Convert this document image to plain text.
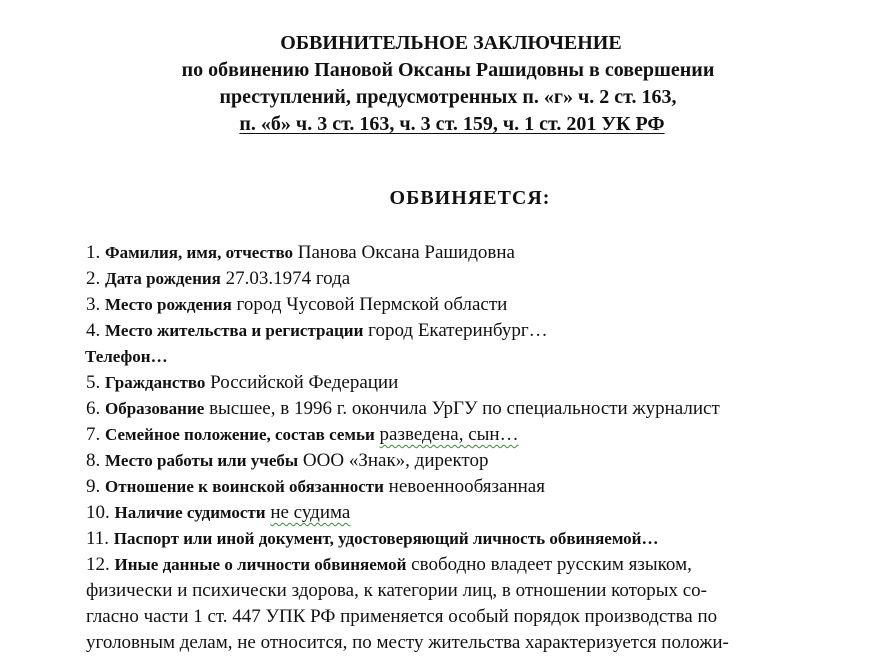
ОБВИНИТЕЛЬНОЕ ЗАКЛЮЧЕНИЕ
по обвинению Пановой Оксаны Рашидовны в совершении
преступлений, предусмотренных п. «г» ч. 2 ст. 163,
п. «б» ч. 3 ст. 163, ч. 3 ст. 159, ч. 1 ст. 201 УК РФ
ОБВИНЯЕТСЯ:
1. Фамилия, имя, отчество Панова Оксана Рашидовна
2. Дата рождения 27.03.1974 года
3. Место рождения город Чусовой Пермской области
4. Место жительства и регистрации город Екатеринбург…
Телефон…
5. Гражданство Российской Федерации
6. Образование высшее, в 1996 г. окончила УрГУ по специальности журналист
7. Семейное положение, состав семьи разведена, сын…
8. Место работы или учебы ООО «Знак», директор
9. Отношение к воинской обязанности невоеннообязанная
10. Наличие судимости не судима
11. Паспорт или иной документ, удостоверяющий личность обвиняемой…
12. Иные данные о личности обвиняемой свободно владеет русским языком,
физически и психически здорова, к категории лиц, в отношении которых со-
гласно части 1 ст. 447 УПК РФ применяется особый порядок производства по
уголовным делам, не относится, по месту жительства характеризуется положи-
